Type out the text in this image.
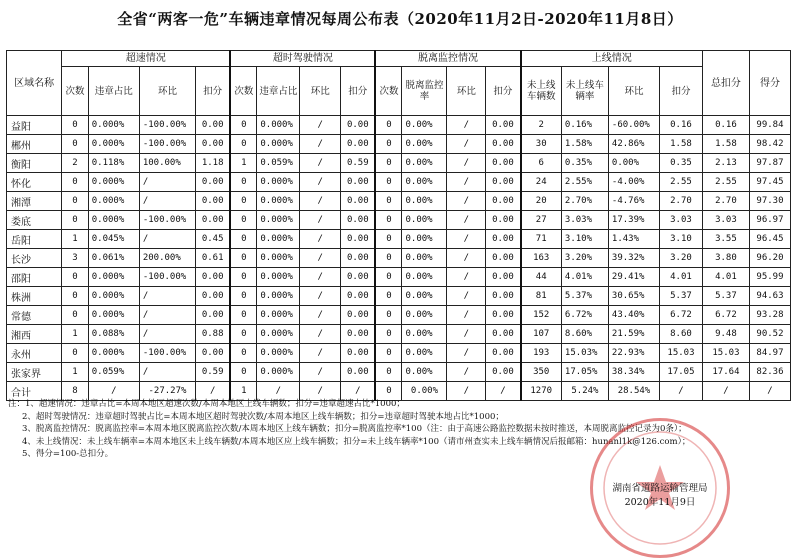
全省“两客一危”车辆违章情况每周公布表（2020年11月2日-2020年11月8日）
区域名称	超速情况				超时驾驶情况				脱离监控情况				上线情况				总扣分	得分
	次数	违章占比	环比	扣分	次数	违章占比	环比	扣分	次数	脱离监控率	环比	扣分	未上线车辆数	未上线车辆率	环比	扣分		
益阳	0	0.000%	-100.00%	0.00	0	0.000%	/	0.00	0	0.00%	/	0.00	2	0.16%	-60.00%	0.16	0.16	99.84
郴州	0	0.000%	-100.00%	0.00	0	0.000%	/	0.00	0	0.00%	/	0.00	30	1.58%	42.86%	1.58	1.58	98.42
衡阳	2	0.118%	100.00%	1.18	1	0.059%	/	0.59	0	0.00%	/	0.00	6	0.35%	0.00%	0.35	2.13	97.87
怀化	0	0.000%	/	0.00	0	0.000%	/	0.00	0	0.00%	/	0.00	24	2.55%	-4.00%	2.55	2.55	97.45
湘潭	0	0.000%	/	0.00	0	0.000%	/	0.00	0	0.00%	/	0.00	20	2.70%	-4.76%	2.70	2.70	97.30
娄底	0	0.000%	-100.00%	0.00	0	0.000%	/	0.00	0	0.00%	/	0.00	27	3.03%	17.39%	3.03	3.03	96.97
岳阳	1	0.045%	/	0.45	0	0.000%	/	0.00	0	0.00%	/	0.00	71	3.10%	1.43%	3.10	3.55	96.45
长沙	3	0.061%	200.00%	0.61	0	0.000%	/	0.00	0	0.00%	/	0.00	163	3.20%	39.32%	3.20	3.80	96.20
邵阳	0	0.000%	-100.00%	0.00	0	0.000%	/	0.00	0	0.00%	/	0.00	44	4.01%	29.41%	4.01	4.01	95.99
株洲	0	0.000%	/	0.00	0	0.000%	/	0.00	0	0.00%	/	0.00	81	5.37%	30.65%	5.37	5.37	94.63
常德	0	0.000%	/	0.00	0	0.000%	/	0.00	0	0.00%	/	0.00	152	6.72%	43.40%	6.72	6.72	93.28
湘西	1	0.088%	/	0.88	0	0.000%	/	0.00	0	0.00%	/	0.00	107	8.60%	21.59%	8.60	9.48	90.52
永州	0	0.000%	-100.00%	0.00	0	0.000%	/	0.00	0	0.00%	/	0.00	193	15.03%	22.93%	15.03	15.03	84.97
张家界	1	0.059%	/	0.59	0	0.000%	/	0.00	0	0.00%	/	0.00	350	17.05%	38.34%	17.05	17.64	82.36
合计	8	/	-27.27%	/	1	/	/	/	0	0.00%	/	/	1270	5.24%	28.54%	/	/	/
注：1、超速情况：违章占比=本周本地区超速次数/本周本地区上线车辆数；扣分=违章超速占比*1000；
2、超时驾驶情况：违章超时驾驶占比=本周本地区超时驾驶次数/本周本地区上线车辆数；扣分=违章超时驾驶本地占比*1000；
3、脱离监控情况：脱离监控率=本周本地区脱离监控次数/本周本地区上线车辆数；扣分=脱离监控率*100（注：由于高速公路监控数据未按时推送，本周脱离监控记录为0条）；
4、未上线情况：未上线车辆率=本周本地区未上线车辆数/本周本地区应上线车辆数；扣分=未上线车辆率*100（请市州查实未上线车辆情况后报邮箱：hunanl1k@126.com）；
5、得分=100-总扣分。
湖南省道路运输管理局
2020年11月9日
